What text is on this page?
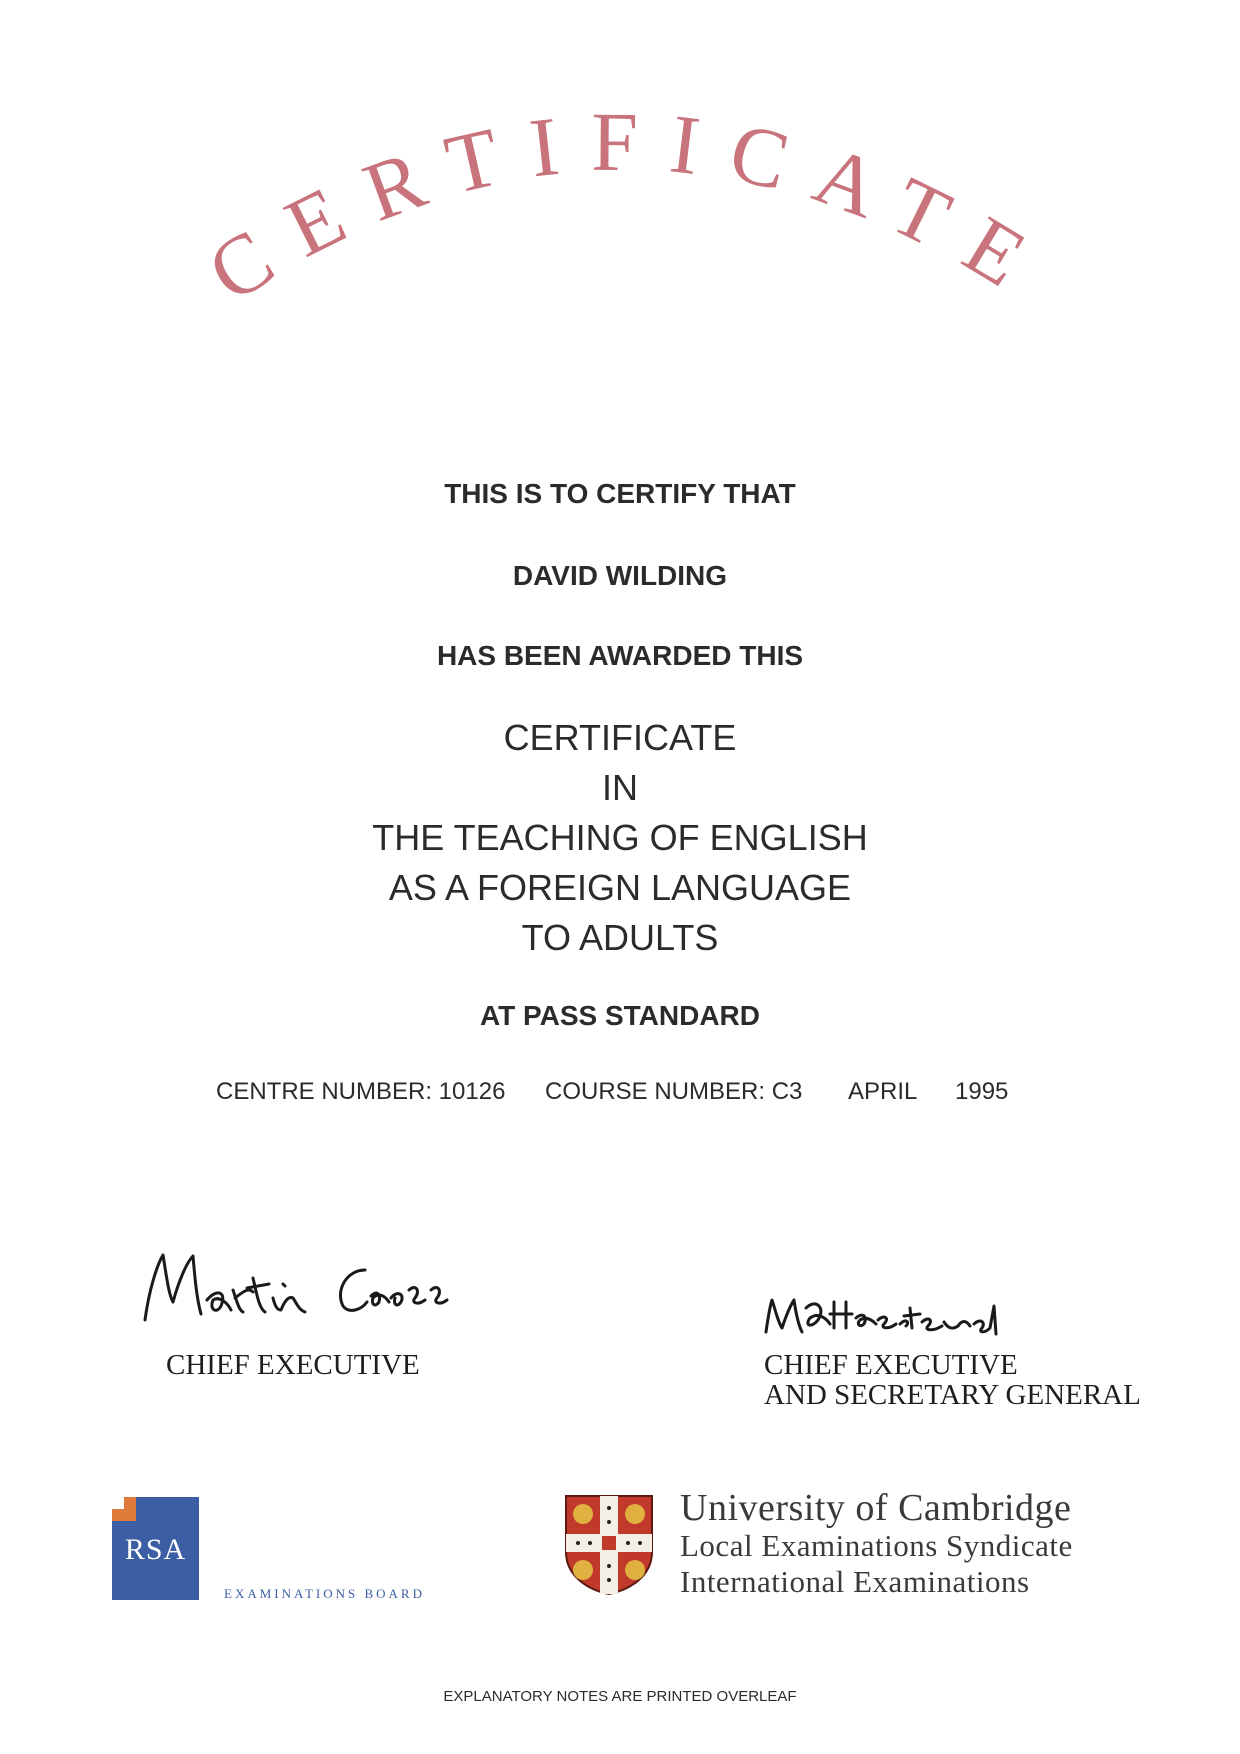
CERTIFICATE
THIS IS TO CERTIFY THAT
DAVID WILDING
HAS BEEN AWARDED THIS
CERTIFICATE
IN
THE TEACHING OF ENGLISH
AS A FOREIGN LANGUAGE
TO ADULTS
AT PASS STANDARD
CENTRE NUMBER: 10126 COURSE NUMBER: C3 APRIL 1995
CHIEF EXECUTIVE	CHIEF EXECUTIVE
AND SECRETARY GENERAL
RSA
EXAMINATIONS BOARD
University of Cambridge
Local Examinations Syndicate
International Examinations
EXPLANATORY NOTES ARE PRINTED OVERLEAF
